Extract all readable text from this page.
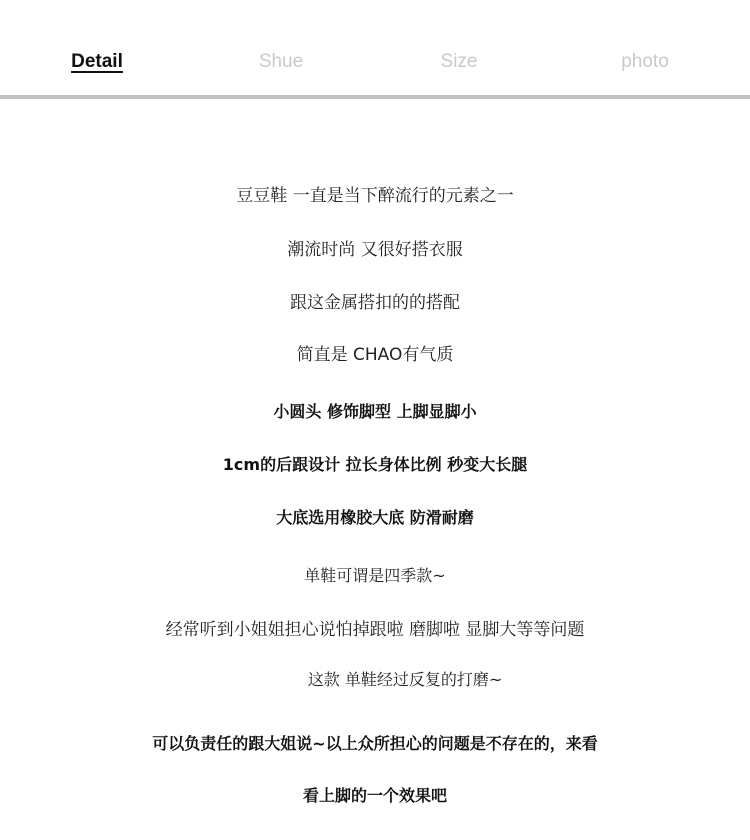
Detail	Shue	Size	photo
豆豆鞋 一直是当下醉流行的元素之一
潮流时尚 又很好搭衣服
跟这金属搭扣的的搭配
简直是 CHAO有气质
小圆头 修饰脚型 上脚显脚小
1cm的后跟设计 拉长身体比例 秒变大长腿
大底选用橡胶大底 防滑耐磨
单鞋可谓是四季款~
经常听到小姐姐担心说怕掉跟啦 磨脚啦 显脚大等等问题
这款 单鞋经过反复的打磨~
可以负责任的跟大姐说~以上众所担心的问题是不存在的，来看
看上脚的一个效果吧
